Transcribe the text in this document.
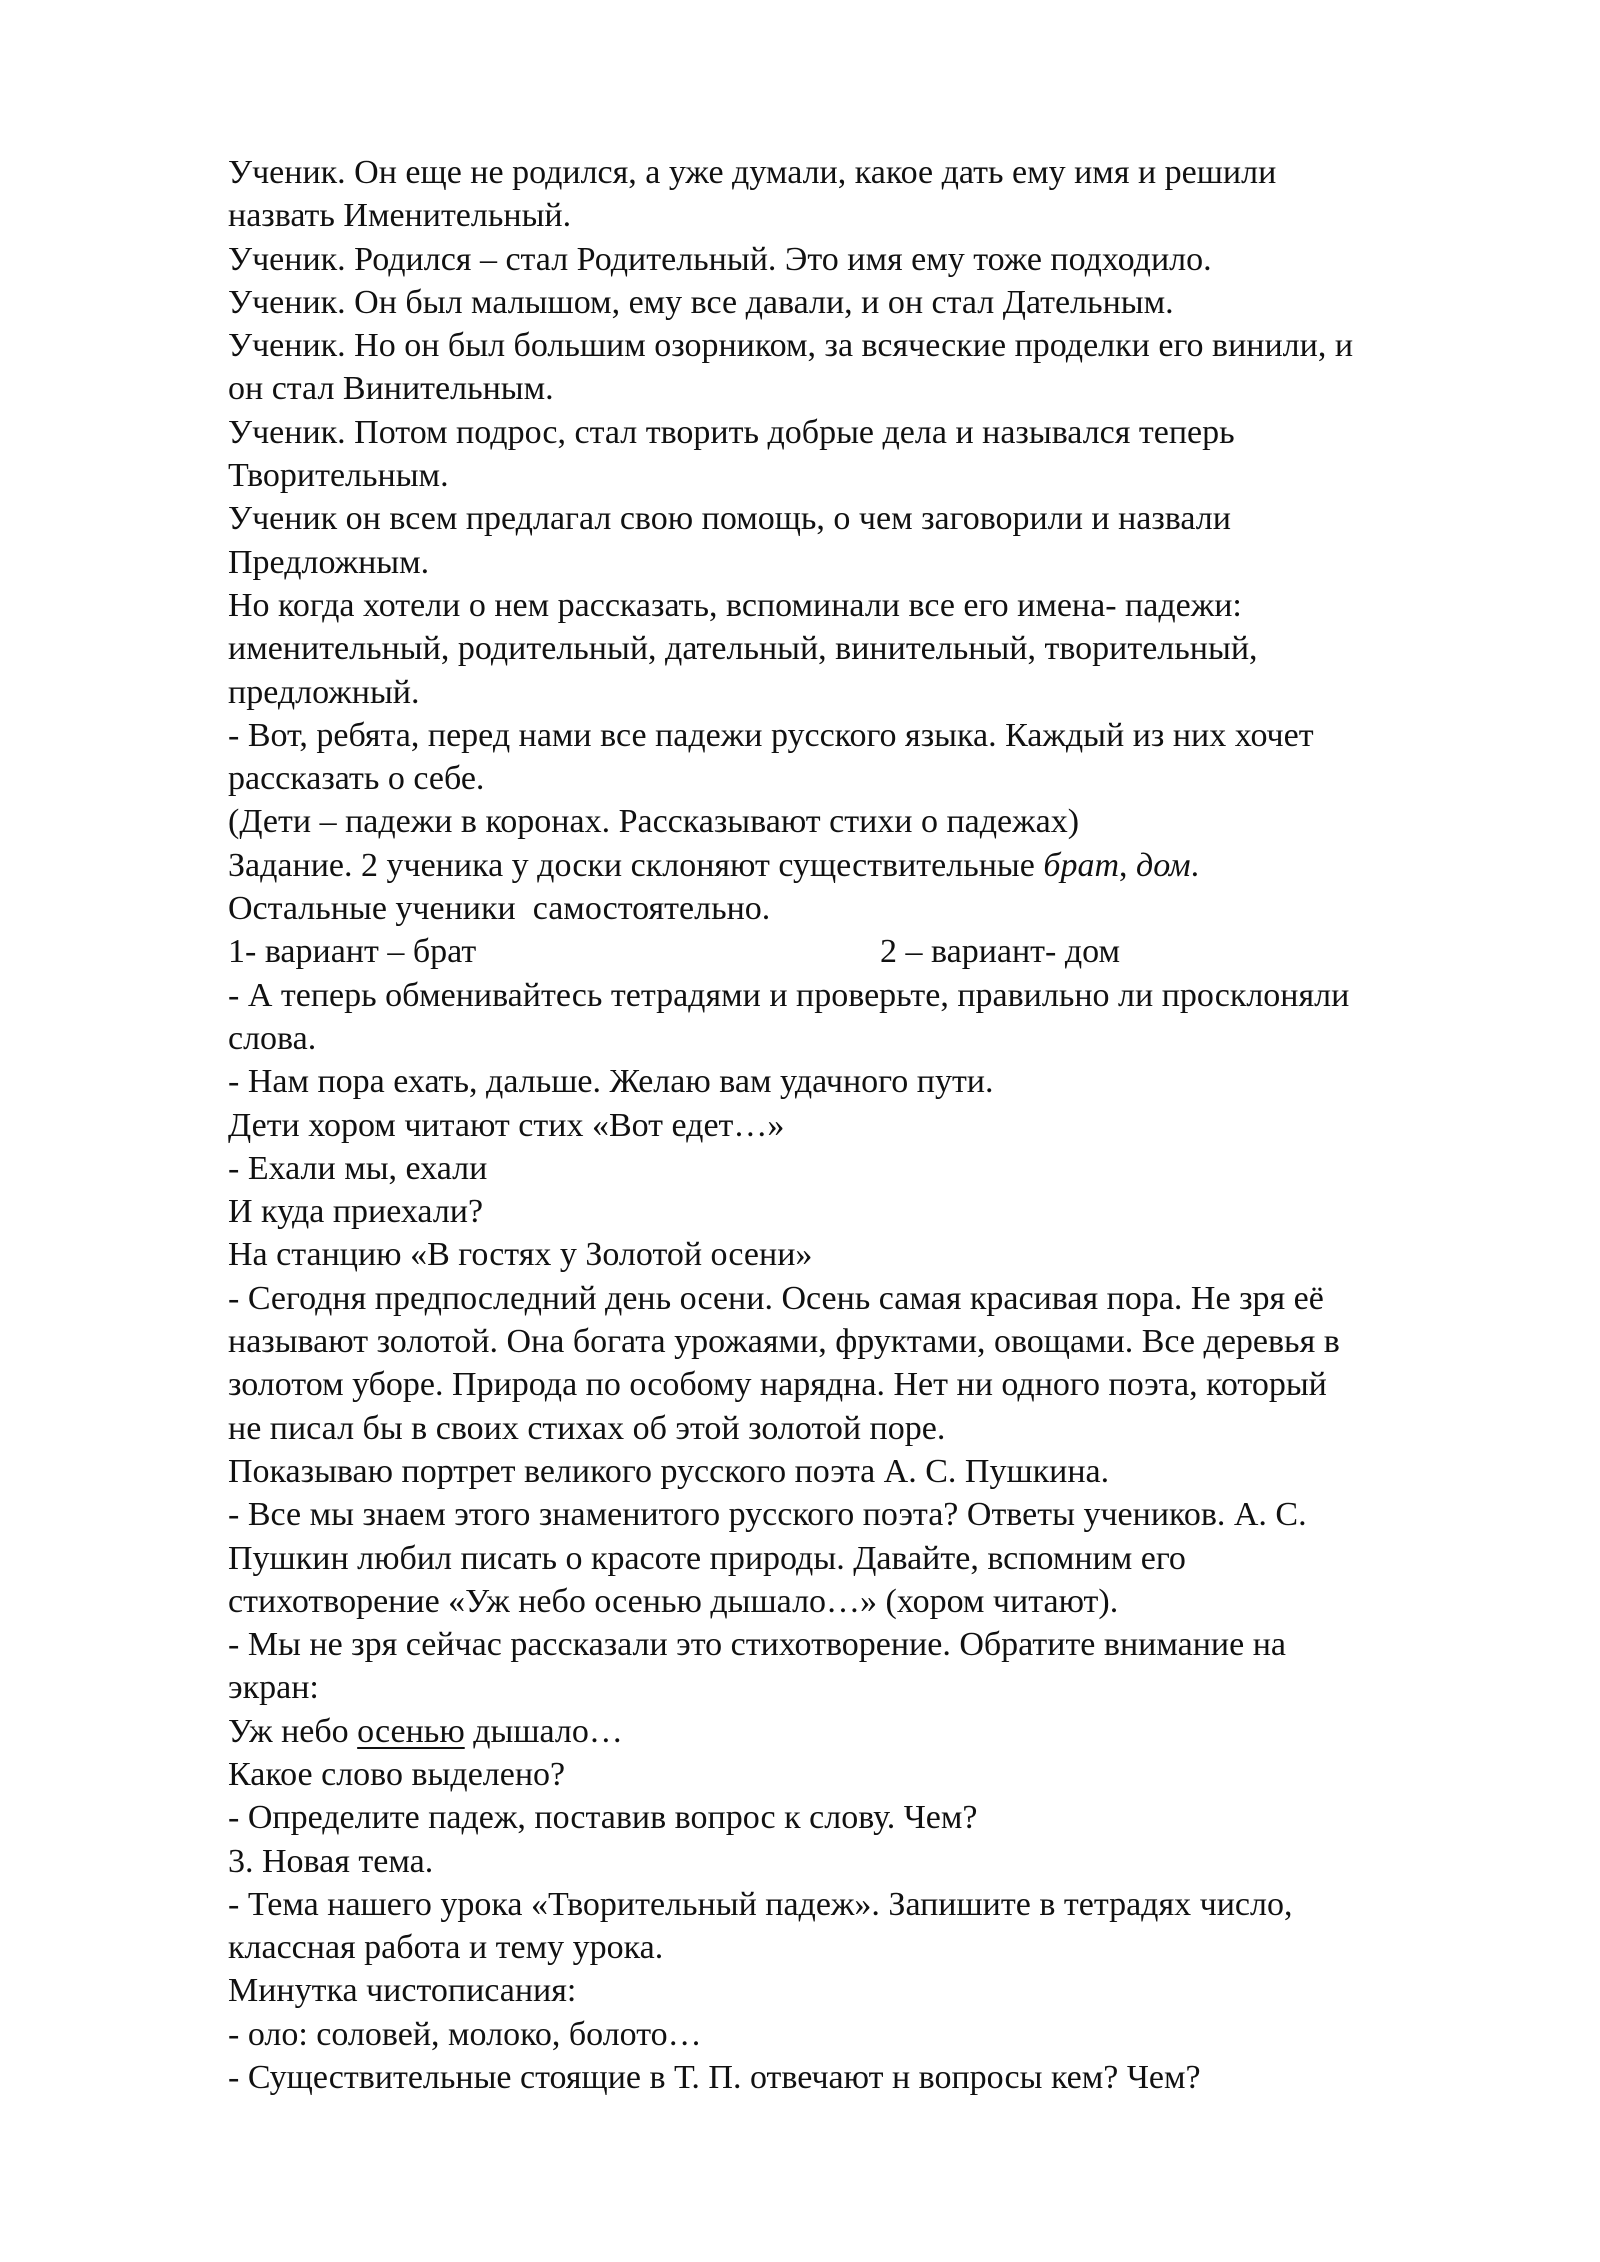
Ученик. Он еще не родился, а уже думали, какое дать ему имя и решили
назвать Именительный.
Ученик. Родился – стал Родительный. Это имя ему тоже подходило.
Ученик. Он был малышом, ему все давали, и он стал Дательным.
Ученик. Но он был большим озорником, за всяческие проделки его винили, и
он стал Винительным.
Ученик. Потом подрос, стал творить добрые дела и назывался теперь
Творительным.
Ученик он всем предлагал свою помощь, о чем заговорили и назвали
Предложным.
Но когда хотели о нем рассказать, вспоминали все его имена- падежи:
именительный, родительный, дательный, винительный, творительный,
предложный.
- Вот, ребята, перед нами все падежи русского языка. Каждый из них хочет
рассказать о себе.
(Дети – падежи в коронах. Рассказывают стихи о падежах)
Задание. 2 ученика у доски склоняют существительные брат, дом.
Остальные ученики  самостоятельно.
1- вариант – брат	2 – вариант- дом
- А теперь обменивайтесь тетрадями и проверьте, правильно ли просклоняли
слова.
- Нам пора ехать, дальше. Желаю вам удачного пути.
Дети хором читают стих «Вот едет…»
- Ехали мы, ехали
И куда приехали?
На станцию «В гостях у Золотой осени»
- Сегодня предпоследний день осени. Осень самая красивая пора. Не зря её
называют золотой. Она богата урожаями, фруктами, овощами. Все деревья в
золотом уборе. Природа по особому нарядна. Нет ни одного поэта, который
не писал бы в своих стихах об этой золотой поре.
Показываю портрет великого русского поэта А. С. Пушкина.
- Все мы знаем этого знаменитого русского поэта? Ответы учеников. А. С.
Пушкин любил писать о красоте природы. Давайте, вспомним его
стихотворение «Уж небо осенью дышало…» (хором читают).
- Мы не зря сейчас рассказали это стихотворение. Обратите внимание на
экран:
Уж небо осенью дышало…
Какое слово выделено?
- Определите падеж, поставив вопрос к слову. Чем?
3. Новая тема.
- Тема нашего урока «Творительный падеж». Запишите в тетрадях число,
классная работа и тему урока.
Минутка чистописания:
- оло: соловей, молоко, болото…
- Существительные стоящие в Т. П. отвечают н вопросы кем? Чем?
